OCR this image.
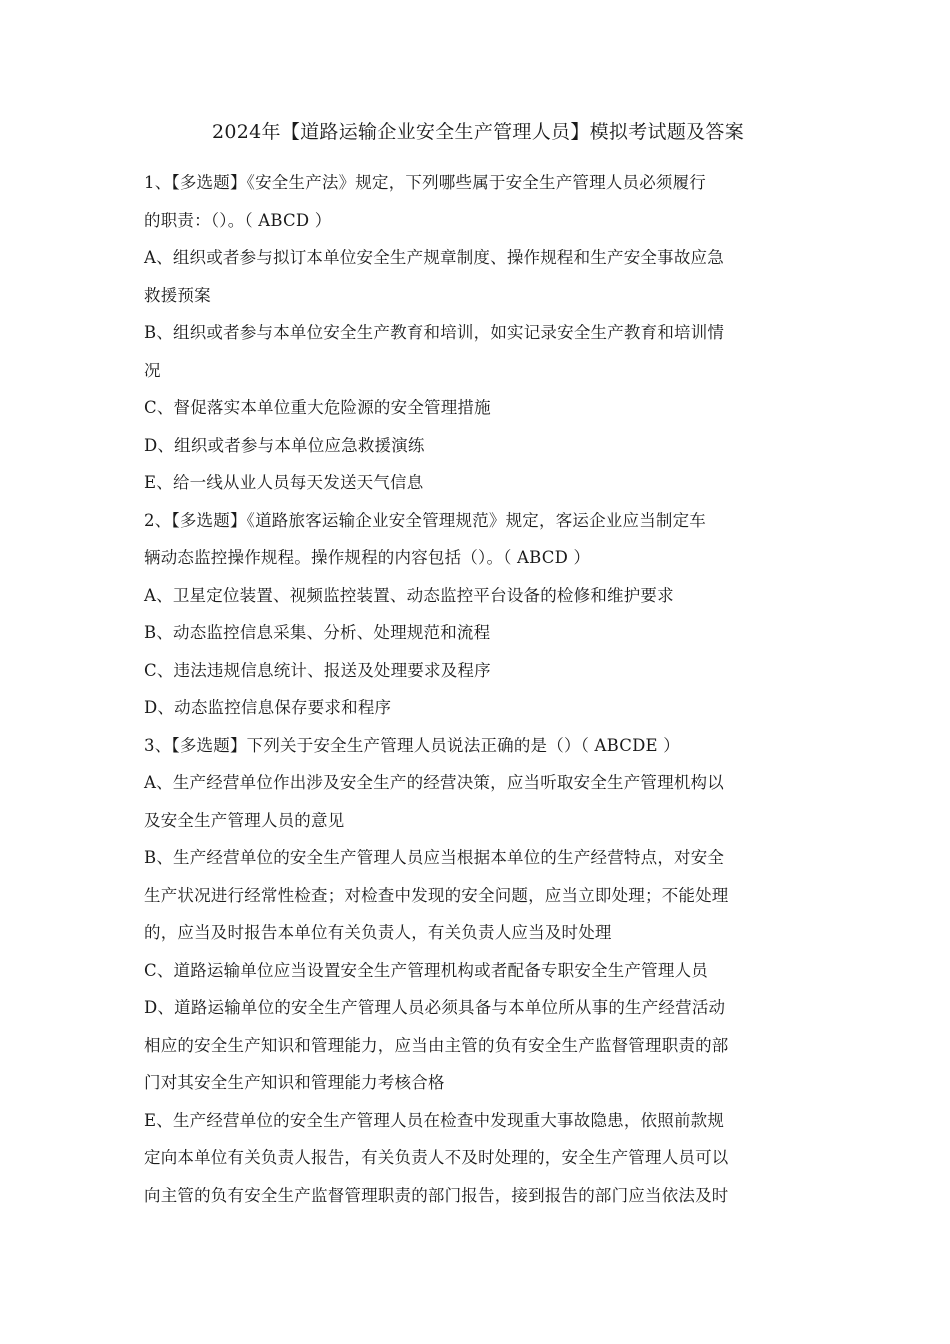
2024年【道路运输企业安全生产管理人员】模拟考试题及答案
1、【多选题】《安全生产法》规定，下列哪些属于安全生产管理人员必须履行
的职责：（）。（ ABCD ）
A、组织或者参与拟订本单位安全生产规章制度、操作规程和生产安全事故应急
救援预案
B、组织或者参与本单位安全生产教育和培训，如实记录安全生产教育和培训情
况
C、督促落实本单位重大危险源的安全管理措施
D、组织或者参与本单位应急救援演练
E、给一线从业人员每天发送天气信息
2、【多选题】《道路旅客运输企业安全管理规范》规定，客运企业应当制定车
辆动态监控操作规程。操作规程的内容包括（）。（ ABCD ）
A、卫星定位装置、视频监控装置、动态监控平台设备的检修和维护要求
B、动态监控信息采集、分析、处理规范和流程
C、违法违规信息统计、报送及处理要求及程序
D、动态监控信息保存要求和程序
3、【多选题】下列关于安全生产管理人员说法正确的是（）（ ABCDE ）
A、生产经营单位作出涉及安全生产的经营决策，应当听取安全生产管理机构以
及安全生产管理人员的意见
B、生产经营单位的安全生产管理人员应当根据本单位的生产经营特点，对安全
生产状况进行经常性检查；对检查中发现的安全问题，应当立即处理；不能处理
的，应当及时报告本单位有关负责人，有关负责人应当及时处理
C、道路运输单位应当设置安全生产管理机构或者配备专职安全生产管理人员
D、道路运输单位的安全生产管理人员必须具备与本单位所从事的生产经营活动
相应的安全生产知识和管理能力，应当由主管的负有安全生产监督管理职责的部
门对其安全生产知识和管理能力考核合格
E、生产经营单位的安全生产管理人员在检查中发现重大事故隐患，依照前款规
定向本单位有关负责人报告，有关负责人不及时处理的，安全生产管理人员可以
向主管的负有安全生产监督管理职责的部门报告，接到报告的部门应当依法及时
